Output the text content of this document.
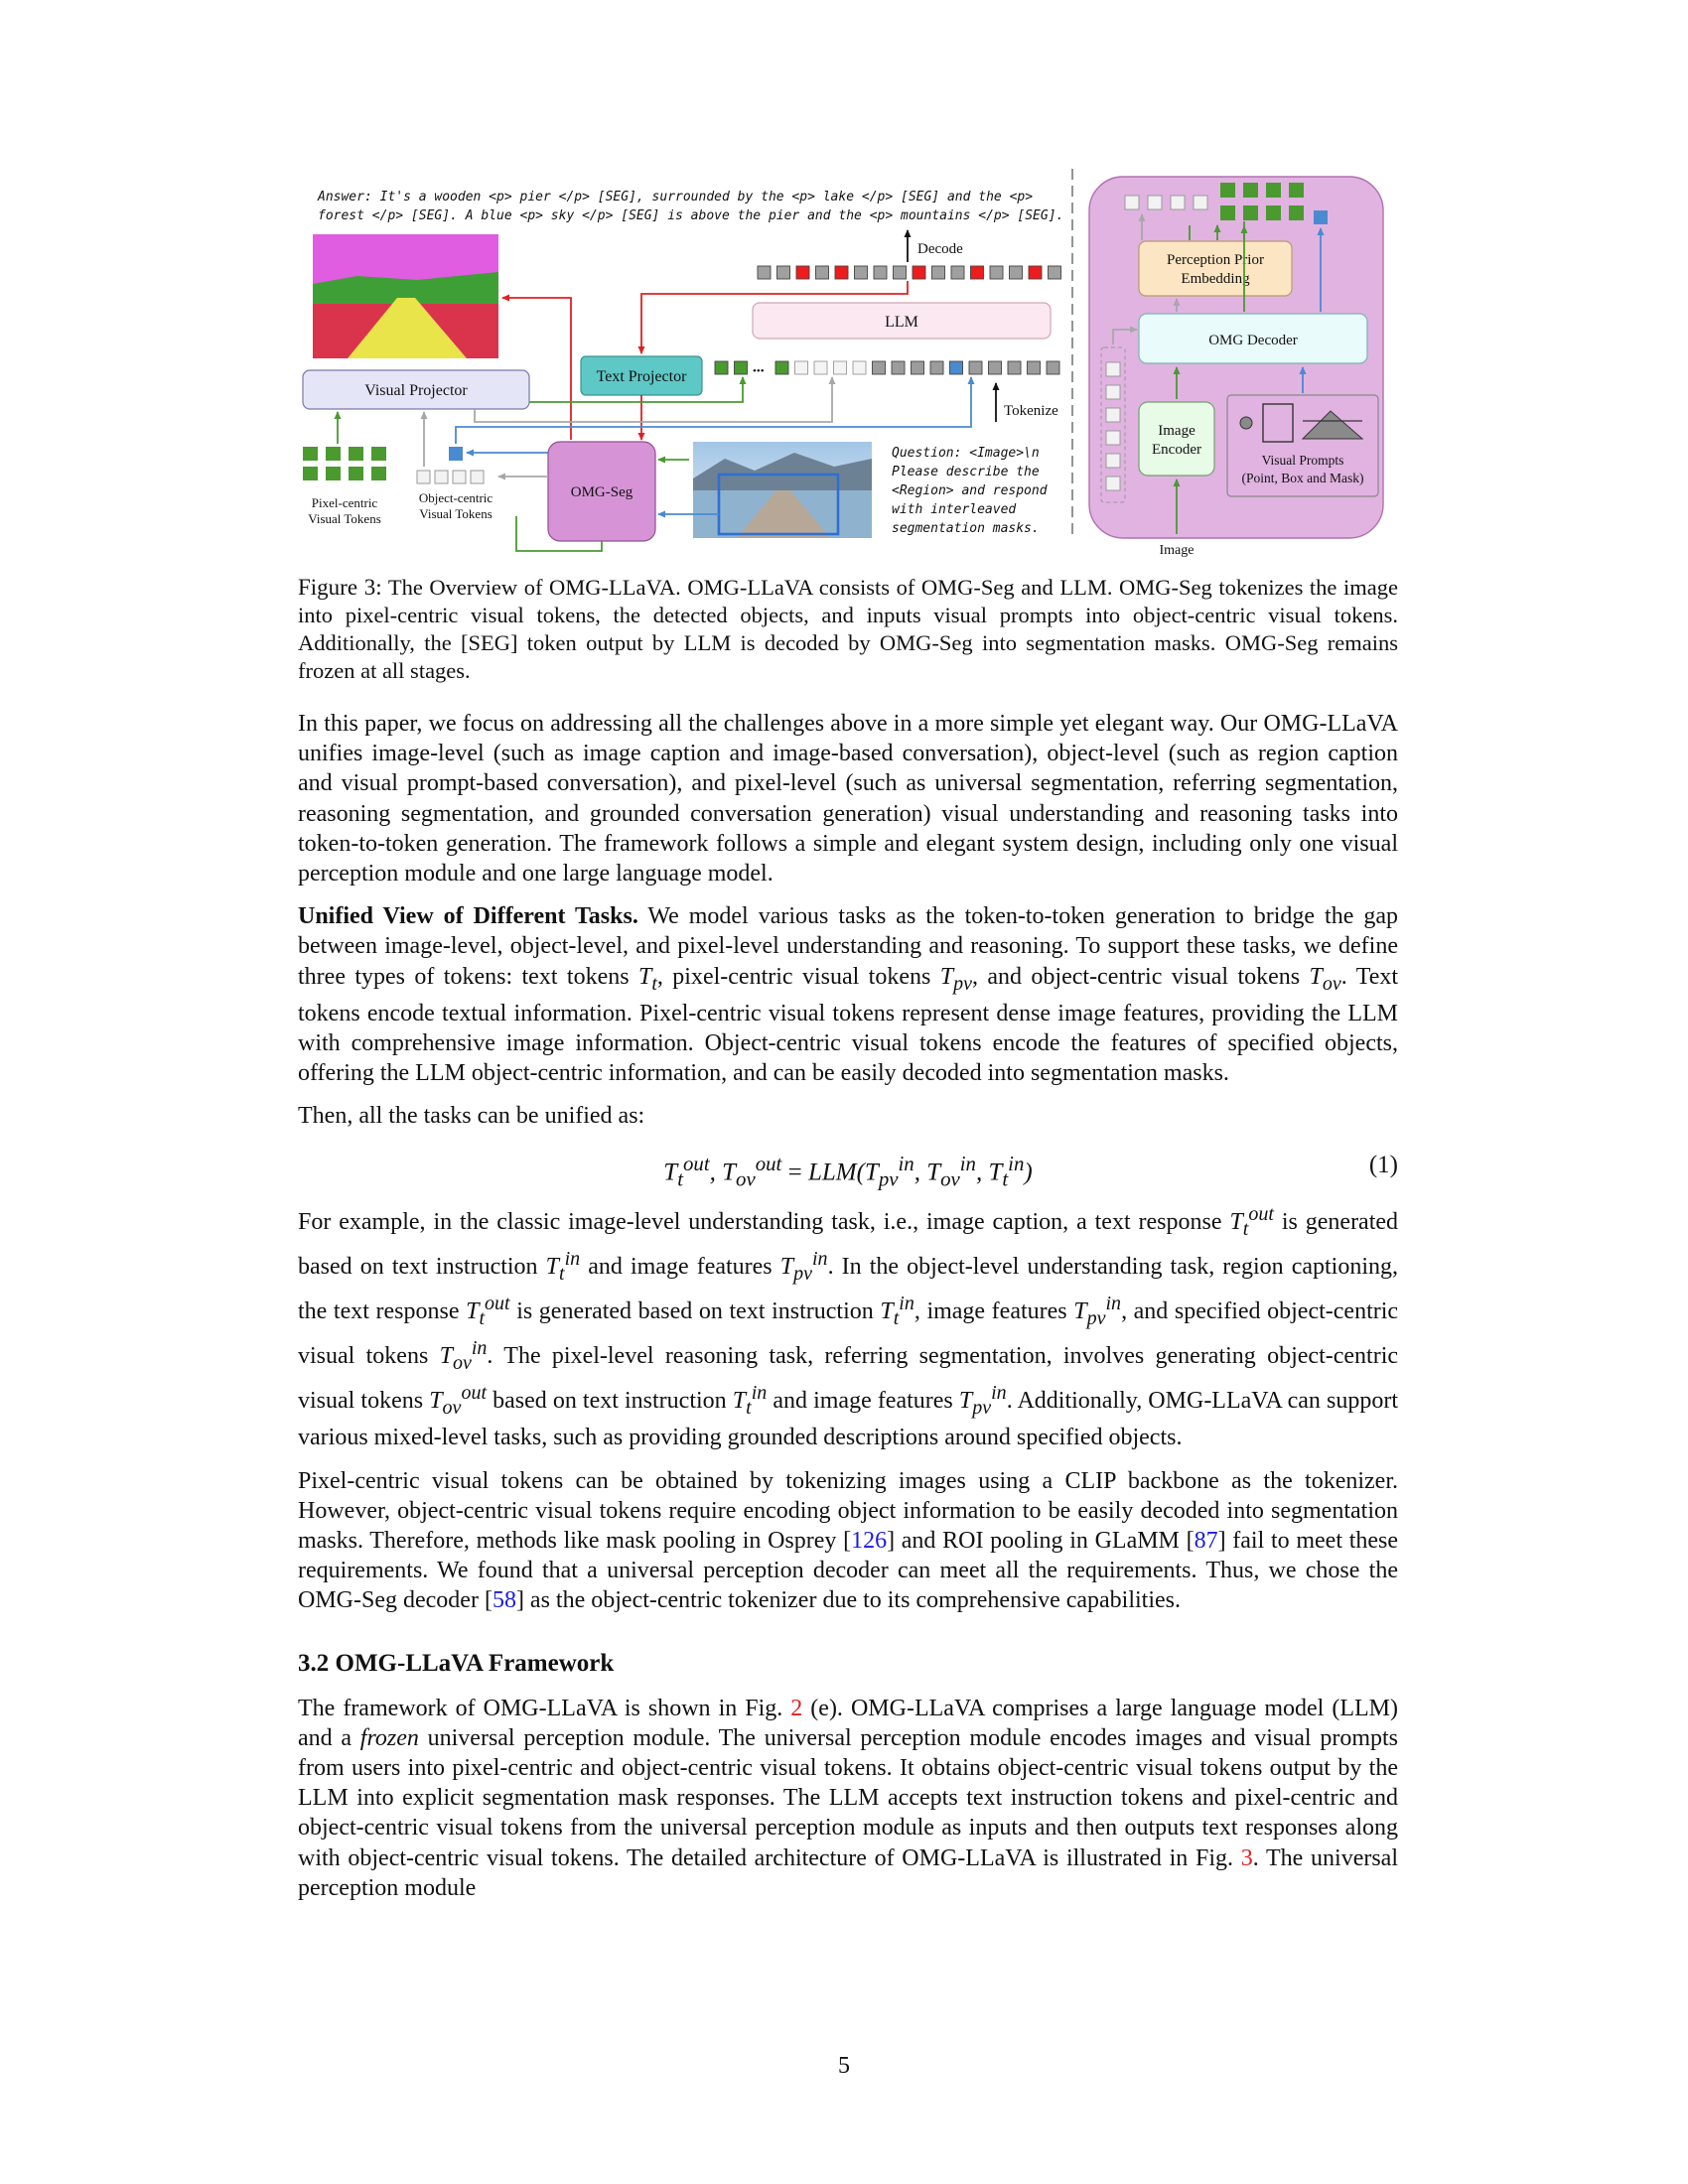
Answer: It's a wooden <p> pier </p> [SEG], surrounded by the <p> lake </p> [SEG] and the <p>
forest </p> [SEG]. A blue <p> sky </p> [SEG] is above the pier and the <p> mountains </p> [SEG].
Visual Projector
Text Projector
LLM
Decode
•••
Tokenize
Pixel-centric
Visual Tokens
Object-centric
Visual Tokens
OMG-Seg
Question: <Image>\n
Please describe the
<Region> and respond
with interleaved
segmentation masks.
Perception Prior
Embedding
OMG Decoder
Image
Encoder
Visual Prompts
(Point, Box and Mask)
Image
Figure 3: The Overview of OMG-LLaVA. OMG-LLaVA consists of OMG-Seg and LLM. OMG-Seg tokenizes the image into pixel-centric visual tokens, the detected objects, and inputs visual prompts into object-centric visual tokens. Additionally, the [SEG] token output by LLM is decoded by OMG-Seg into segmentation masks. OMG-Seg remains frozen at all stages.

In this paper, we focus on addressing all the challenges above in a more simple yet elegant way. Our OMG-LLaVA unifies image-level (such as image caption and image-based conversation), object-level (such as region caption and visual prompt-based conversation), and pixel-level (such as universal segmentation, referring segmentation, reasoning segmentation, and grounded conversation generation) visual understanding and reasoning tasks into token-to-token generation. The framework follows a simple and elegant system design, including only one visual perception module and one large language model.

Unified View of Different Tasks. We model various tasks as the token-to-token generation to bridge the gap between image-level, object-level, and pixel-level understanding and reasoning. To support these tasks, we define three types of tokens: text tokens $T_t$, pixel-centric visual tokens $T_{pv}$, and object-centric visual tokens $T_{ov}$. Text tokens encode textual information. Pixel-centric visual tokens represent dense image features, providing the LLM with comprehensive image information. Object-centric visual tokens encode the features of specified objects, offering the LLM object-centric information, and can be easily decoded into segmentation masks.

Then, all the tasks can be unified as:

$T_t^{out}$, $T_{ov}^{out} = LLM(T_{pv}^{in}$, $T_{ov}^{in}$, $T_t^{in}$)	(1)

For example, in the classic image-level understanding task, i.e., image caption, a text response $T_t^{out}$ is generated based on text instruction $T_t^{in}$ and image features $T_{pv}^{in}$. In the object-level understanding task, region captioning, the text response $T_t^{out}$ is generated based on text instruction $T_t^{in}$, image features $T_{pv}^{in}$, and specified object-centric visual tokens $T_{ov}^{in}$. The pixel-level reasoning task, referring segmentation, involves generating object-centric visual tokens $T_{ov}^{out}$ based on text instruction $T_t^{in}$ and image features $T_{pv}^{in}$. Additionally, OMG-LLaVA can support various mixed-level tasks, such as providing grounded descriptions around specified objects.

Pixel-centric visual tokens can be obtained by tokenizing images using a CLIP backbone as the tokenizer. However, object-centric visual tokens require encoding object information to be easily decoded into segmentation masks. Therefore, methods like mask pooling in Osprey [126] and ROI pooling in GLaMM [87] fail to meet these requirements. We found that a universal perception decoder can meet all the requirements. Thus, we chose the OMG-Seg decoder [58] as the object-centric tokenizer due to its comprehensive capabilities.

3.2 OMG-LLaVA Framework

The framework of OMG-LLaVA is shown in Fig. 2 (e). OMG-LLaVA comprises a large language model (LLM) and a frozen universal perception module. The universal perception module encodes images and visual prompts from users into pixel-centric and object-centric visual tokens. It obtains object-centric visual tokens output by the LLM into explicit segmentation mask responses. The LLM accepts text instruction tokens and pixel-centric and object-centric visual tokens from the universal perception module as inputs and then outputs text responses along with object-centric visual tokens. The detailed architecture of OMG-LLaVA is illustrated in Fig. 3. The universal perception module

5
